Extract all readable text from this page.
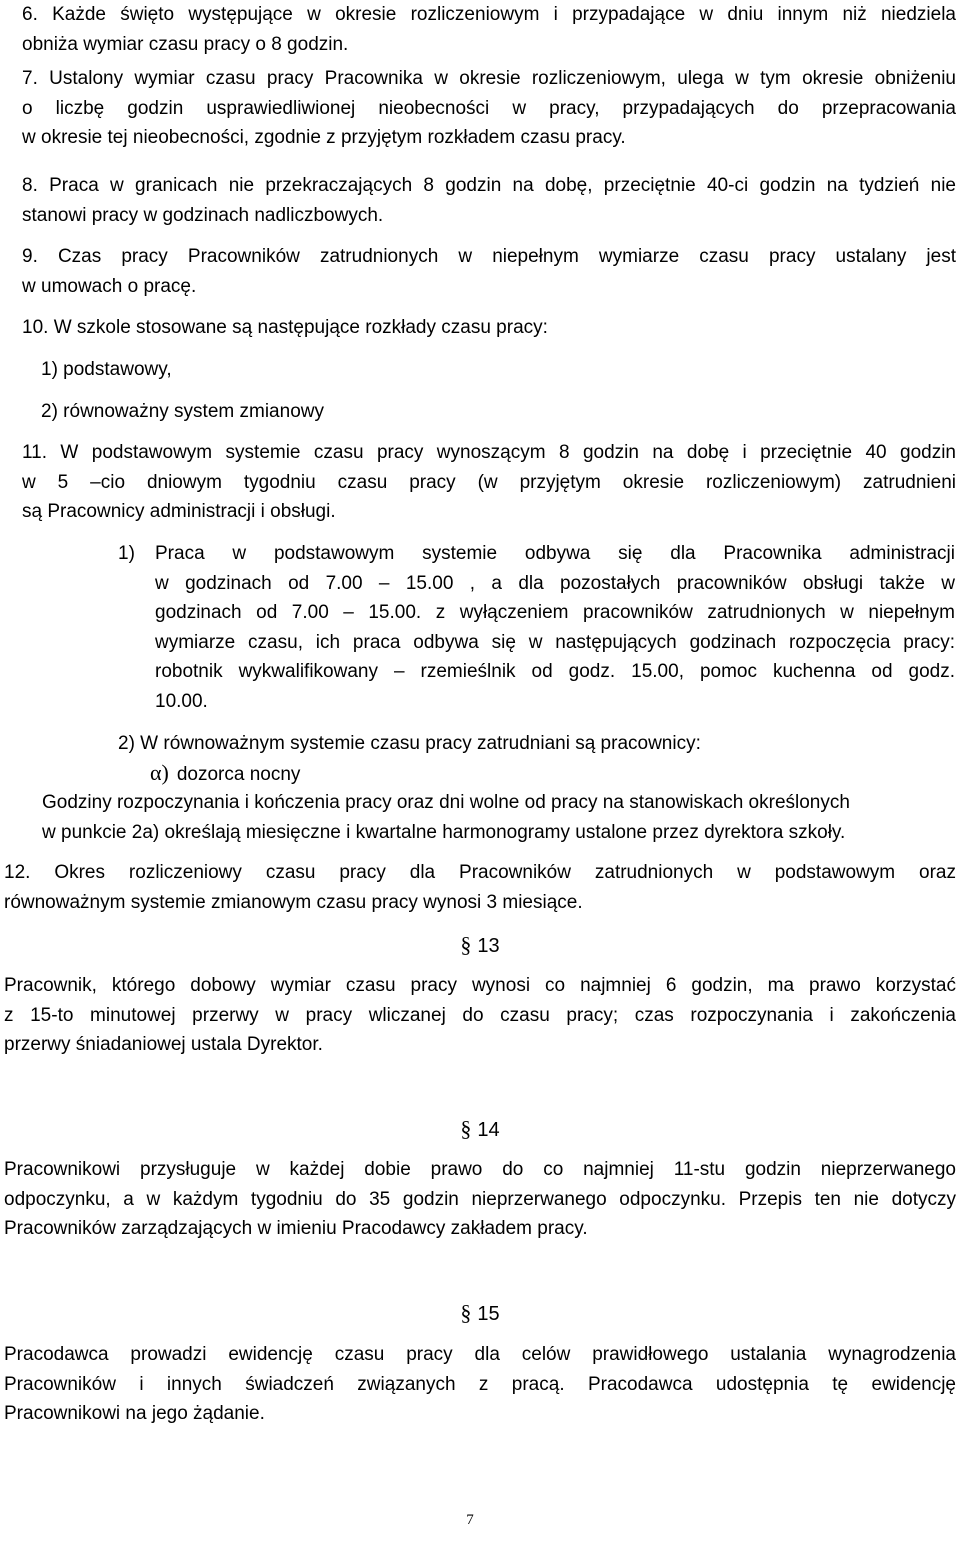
6. Każde święto występujące w okresie rozliczeniowym i przypadające w dniu innym niż niedziela
obniża wymiar czasu pracy o 8 godzin.
7. Ustalony wymiar czasu pracy Pracownika w okresie rozliczeniowym, ulega w tym okresie obniżeniu
o liczbę godzin usprawiedliwionej nieobecności w pracy, przypadających do przepracowania
w okresie tej nieobecności, zgodnie z przyjętym rozkładem czasu pracy.
8. Praca w granicach nie przekraczających 8 godzin na dobę, przeciętnie 40-ci godzin na tydzień nie
stanowi pracy w godzinach nadliczbowych.
9. Czas pracy Pracowników zatrudnionych w niepełnym wymiarze czasu pracy ustalany jest
w umowach o pracę.
10. W szkole stosowane są następujące rozkłady czasu pracy:
1) podstawowy,
2) równoważny system zmianowy
11. W podstawowym systemie czasu pracy wynoszącym 8 godzin na dobę i przeciętnie 40 godzin
w 5 –cio dniowym tygodniu czasu pracy (w przyjętym okresie rozliczeniowym) zatrudnieni
są Pracownicy administracji i obsługi.
1) Praca w podstawowym systemie odbywa się dla Pracownika administracji
w godzinach od 7.00 – 15.00 , a dla pozostałych pracowników obsługi także w
godzinach od 7.00 – 15.00. z wyłączeniem pracowników zatrudnionych w niepełnym
wymiarze czasu, ich praca odbywa się w następujących godzinach rozpoczęcia pracy:
robotnik wykwalifikowany – rzemieślnik od godz. 15.00, pomoc kuchenna od godz.
10.00.
2) W równoważnym systemie czasu pracy zatrudniani są pracownicy:
α) dozorca nocny
Godziny rozpoczynania i kończenia pracy oraz dni wolne od pracy na stanowiskach określonych
w punkcie 2a) określają miesięczne i kwartalne harmonogramy ustalone przez dyrektora szkoły.
12. Okres rozliczeniowy czasu pracy dla Pracowników zatrudnionych w podstawowym oraz
równoważnym systemie zmianowym czasu pracy wynosi 3 miesiące.
§ 13
Pracownik, którego dobowy wymiar czasu pracy wynosi co najmniej 6 godzin, ma prawo korzystać
z 15-to minutowej przerwy w pracy wliczanej do czasu pracy; czas rozpoczynania i zakończenia
przerwy śniadaniowej ustala Dyrektor.
§ 14
Pracownikowi przysługuje w każdej dobie prawo do co najmniej 11-stu godzin nieprzerwanego
odpoczynku, a w każdym tygodniu do 35 godzin nieprzerwanego odpoczynku. Przepis ten nie dotyczy
Pracowników zarządzających w imieniu Pracodawcy zakładem pracy.
§ 15
Pracodawca prowadzi ewidencję czasu pracy dla celów prawidłowego ustalania wynagrodzenia
Pracowników i innych świadczeń związanych z pracą. Pracodawca udostępnia tę ewidencję
Pracownikowi na jego żądanie.
7
